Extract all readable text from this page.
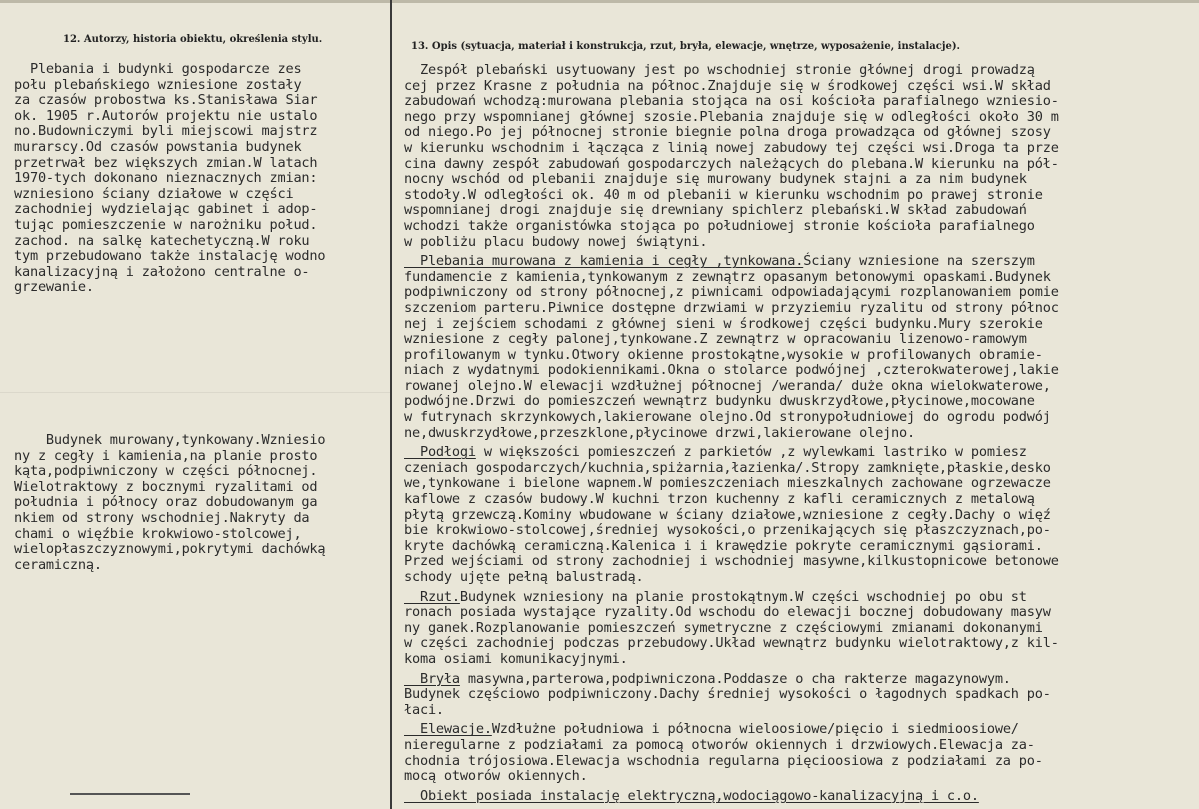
12. Autorzy, historia obiektu, określenia stylu.
13. Opis (sytuacja, materiał i konstrukcja, rzut, bryła, elewacje, wnętrze, wyposażenie, instalacje).
Plebania i budynki gospodarcze zes
połu plebańskiego wzniesione zostały
za czasów probostwa ks.Stanisława Siar
ok. 1905 r.Autorów projektu nie ustalo
no.Budowniczymi byli miejscowi majstrz
murarscy.Od czasów powstania budynek
przetrwał bez większych zmian.W latach
1970-tych dokonano nieznacznych zmian:
wzniesiono ściany działowe w części
zachodniej wydzielając gabinet i adop-
tując pomieszczenie w narożniku połud.
zachod. na salkę katechetyczną.W roku
tym przebudowano także instalację wodno
kanalizacyjną i założono centralne o-
grzewanie.
Budynek murowany,tynkowany.Wzniesio
ny z cegły i kamienia,na planie prosto
kąta,podpiwniczony w części północnej.
Wielotraktowy z bocznymi ryzalitami od
południa i północy oraz dobudowanym ga
nkiem od strony wschodniej.Nakryty da
chami o więźbie krokwiowo-stolcowej,
wielopłaszczyznowymi,pokrytymi dachówką
ceramiczną.
Zespół plebański usytuowany jest po wschodniej stronie głównej drogi prowadzą
cej przez Krasne z południa na północ.Znajduje się w środkowej części wsi.W skład
zabudowań wchodzą:murowana plebania stojąca na osi kościoła parafialnego wzniesio-
nego przy wspomnianej głównej szosie.Plebania znajduje się w odległości około 30 m
od niego.Po jej północnej stronie biegnie polna droga prowadząca od głównej szosy
w kierunku wschodnim i łącząca z linią nowej zabudowy tej części wsi.Droga ta prze
cina dawny zespół zabudowań gospodarczych należących do plebana.W kierunku na pół-
nocny wschód od plebanii znajduje się murowany budynek stajni a za nim budynek
stodoły.W odległości ok. 40 m od plebanii w kierunku wschodnim po prawej stronie
wspomnianej drogi znajduje się drewniany spichlerz plebański.W skład zabudowań
wchodzi także organistówka stojąca po południowej stronie kościoła parafialnego
w pobliżu placu budowy nowej świątyni.
Plebania murowana z kamienia i cegły ,tynkowana.Ściany wzniesione na szerszym
fundamencie z kamienia,tynkowanym z zewnątrz opasanym betonowymi opaskami.Budynek
podpiwniczony od strony północnej,z piwnicami odpowiadającymi rozplanowaniem pomie
szczeniom parteru.Piwnice dostępne drzwiami w przyziemiu ryzalitu od strony północ
nej i zejściem schodami z głównej sieni w środkowej części budynku.Mury szerokie
wzniesione z cegły palonej,tynkowane.Z zewnątrz w opracowaniu lizenowo-ramowym
profilowanym w tynku.Otwory okienne prostokątne,wysokie w profilowanych obramie-
niach z wydatnymi podokiennikami.Okna o stolarce podwójnej ,czterokwaterowej,lakie
rowanej olejno.W elewacji wzdłużnej północnej /weranda/ duże okna wielokwaterowe,
podwójne.Drzwi do pomieszczeń wewnątrz budynku dwuskrzydłowe,płycinowe,mocowane
w futrynach skrzynkowych,lakierowane olejno.Od stronypołudniowej do ogrodu podwój
ne,dwuskrzydłowe,przeszklone,płycinowe drzwi,lakierowane olejno.
Podłogi w większości pomieszczeń z parkietów ,z wylewkami lastriko w pomiesz
czeniach gospodarczych/kuchnia,spiżarnia,łazienka/.Stropy zamknięte,płaskie,desko
we,tynkowane i bielone wapnem.W pomieszczeniach mieszkalnych zachowane ogrzewacze
kaflowe z czasów budowy.W kuchni trzon kuchenny z kafli ceramicznych z metalową
płytą grzewczą.Kominy wbudowane w ściany działowe,wzniesione z cegły.Dachy o więź
bie krokwiowo-stolcowej,średniej wysokości,o przenikających się płaszczyznach,po-
kryte dachówką ceramiczną.Kalenica i i krawędzie pokryte ceramicznymi gąsiorami.
Przed wejściami od strony zachodniej i wschodniej masywne,kilkustopnicowe betonowe
schody ujęte pełną balustradą.
Rzut.Budynek wzniesiony na planie prostokątnym.W części wschodniej po obu st
ronach posiada wystające ryzality.Od wschodu do elewacji bocznej dobudowany masyw
ny ganek.Rozplanowanie pomieszczeń symetryczne z częściowymi zmianami dokonanymi
w części zachodniej podczas przebudowy.Układ wewnątrz budynku wielotraktowy,z kil-
koma osiami komunikacyjnymi.
Bryła masywna,parterowa,podpiwniczona.Poddasze o cha rakterze magazynowym.
Budynek częściowo podpiwniczony.Dachy średniej wysokości o łagodnych spadkach po-
łaci.
Elewacje.Wzdłużne południowa i północna wieloosiowe/pięcio i siedmioosiowe/
nieregularne z podziałami za pomocą otworów okiennych i drzwiowych.Elewacja za-
chodnia trójosiowa.Elewacja wschodnia regularna pięcioosiowa z podziałami za po-
mocą otworów okiennych.
Obiekt posiada instalację elektryczną,wodociągowo-kanalizacyjną i c.o.
